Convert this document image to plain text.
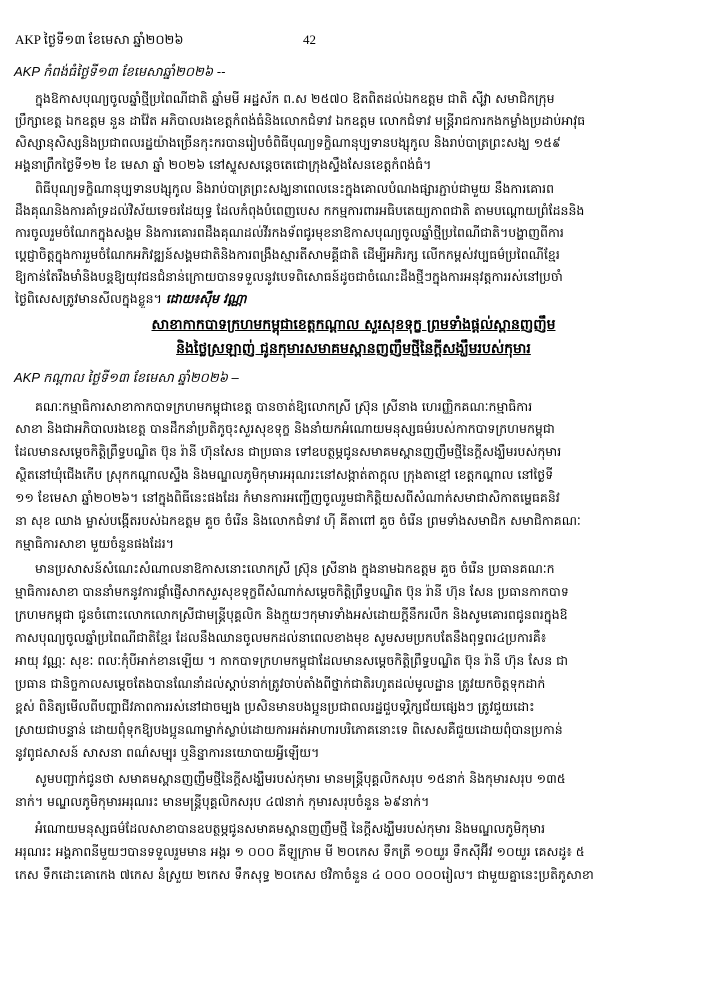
AKP ថ្ងៃទី១៣ ខែមេសា ឆ្នាំ២០២៦	42
AKP កំពង់ធំថ្ងៃទី១៣ ខែមេសាឆ្នាំ២០២៦ --
ក្នុងឱកាសបុណ្យចូលឆ្នាំថ្មីប្រពៃណីជាតិ ឆ្នាំមមី អដ្ឋស័ក ព.ស ២៥៧០ ឱតពិតដល់ឯកឧត្តម ជាតិ ស៊ីវ្លា សមាជិកក្រុម
ប្រឹក្សាខេត្ត ឯកឧត្តម នួន ដាវ៉ែត អភិបាលរងខេត្តកំពង់ធំនិងលោកជំទាវ ឯកឧត្តម លោកជំទាវ មន្រ្តីរាជការកងកម្លាំងប្រដាប់អាវុធ
សិស្សានុសិស្សនិងប្រជាពលរដ្ឋយ៉ាងច្រើនកុះករបានរៀបចំពិធីបុណ្យទក្ខិណានុប្បទានបង្សុកូល និងរាប់បាត្រព្រះសង្ឃ ១៥៩
អង្គនាព្រឹកថ្ងៃទី១២ ខែ មេសា ឆ្នាំ ២០២៦ នៅស្ទូសសន្តេចតេជោក្រុងស្ទឹងសែនខេត្តកំពង់ធំ។
ពិធីបុណ្យទក្ខិណានុប្បទានបង្សុកូល និងរាប់បាត្រព្រះសង្ឃនាពេលនេះក្នុងគោលបំណងផ្សារភ្ជាប់ជាមួយ នឹងការគោរព
ដឹងគុណនិងការគាំទ្រដល់វិស័យទេចរដែយុទ្ធ ដែលកំពុងបំពេញបេស កកម្មការពារអធិបតេយ្យភាពជាតិ តាមបណ្តោយព្រំដែននិង
ការចូលរួមចំណែកក្នុងសង្គម និងការគោរពដឹងគុណដល់វីរកងទ័ពជូរមុខនាឱកាសបុណ្យចូលឆ្នាំថ្មីប្រពៃណីជាតិ។បង្ហាញពីការ
ប្តេជ្ញាចិត្តក្នុងការរួមចំណែកអភិវឌ្ឍន៍សង្គមជាតិនិងការពង្រឹងស្មារតីសាមគ្គីជាតិ ដើម្បីអភិរក្ស លើកកម្ពស់វប្បធម៌ប្រពៃណីខ្មែរ
ឱ្យកាន់តែរឹងមាំនិងបន្តឱ្យយុវជនជំនាន់ក្រោយបានទទួលនូវបេទពិសោធន៍ដូចជាចំណេះដឹងថ្មីៗក្នុងការអនុវត្តការរស់នៅប្រចាំ
ថ្ងៃពិសេសត្រូវមានសីលក្នុងខ្លួន។ ដោយ៖ស៊ឹម វណ្ណា
សាខាកាកបាទក្រហមកម្ពុជាខេត្តកណ្តាល សួរសុខទុក្ខ ព្រមទាំងផ្តល់ស្ពានញញឹម
និងថ្លៃស្រឡាញ់ ជូនកុមារសមាគមស្ពានញញឹមថ្មីនៃក្តីសង្ឃឹមរបស់កុមារ
AKP កណ្តាល ថ្ងៃទី១៣ ខែមេសា ឆ្នាំ២០២៦ –
គណៈកម្មាធិការសាខាកាកបាទក្រហមកម្ពុជាខេត្ត បានចាត់ឱ្យលោកស្រី ស្រ៊ុន ស្រីនាង ហេរញ្ញិកគណៈកម្មាធិការ
សាខា និងជាអភិបាលរងខេត្ត បានដឹកនាំប្រតិភូចុះសួរសុខទុក្ខ និងនាំយកអំណោយមនុស្សធម៌របស់កាកបាទក្រហមកម្ពុជា
ដែលមានសម្តេចកិត្តិព្រឹទ្ធបណ្ឌិត ប៊ុន រ៉ានី ហ៊ុនសែន ជាប្រធាន ទៅឧបត្ថម្ភជូនសមាគមស្ពានញញឹមថ្មីនៃក្តីសង្ឃឹមរបស់កុមារ
ស្ថិតនៅឃុំជើងកើប ស្រុកកណ្តាលស្ទឹង និងមណ្ឌលភូមិកុមារអរុណរះនៅសង្កាត់តាក្តុល ក្រុងតាខ្មៅ ខេត្តកណ្តាល នៅថ្ងៃទី
១១ ខែមេសា ឆ្នាំ២០២៦។ នៅក្នុងពិធីនេះផងដែរ កំមានការអញ្ជើញចូលរួមជាកិត្តិយសពីសំណាក់សមាជាសិកាតម្ហេធគនិវ
នា សុខ ឈាង ម្ចាស់បង្កើតរបស់ឯកឧត្តម គួច ចំរើន និងលោកជំទាវ ហ៊ី គីតាពៅ គួច ចំរើន ព្រមទាំងសមាជិក សមាជិកាគណៈ
កម្មាធិការសាខា មួយចំនួនផងដែរ។
មានប្រសាសន៍សំណេះសំណាលនាឱកាសនោះលោកស្រី ស្រ៊ុន ស្រីនាង ក្នុងនាមឯកឧត្តម គួច ចំរើន ប្រធានគណៈក
ម្មាធិការសាខា បាននាំមកនូវការផ្តាំផ្ញើសាកសួរសុខទុក្ខពីសំណាក់សម្តេចកិត្តិព្រឹទ្ធបណ្ឌិត ប៊ុន រ៉ានី ហ៊ុន សែន ប្រធានកាកបាទ
ក្រហមកម្ពុជា ជូនចំពោះលោកលោកស្រីជាមន្រ្តីបុគ្គលិក និងក្មួយៗកុមារទាំងអស់ដោយក្តីនឹករលឹក និងសូមគោរពជូនពរក្នុងឱ
កាសបុណ្យចូលឆ្នាំប្រពៃណីជាតិខ្មែរ ដែលនឹងឈានចូលមកដល់នាពេលខាងមុខ សូមសមប្រកបតែនឹងពុទ្ធពរ៤ប្រការគឺ៖
អាយុ វណ្ណៈ សុខៈ ពលៈកុំបីអាក់ខានឡើយ ។ កាកបាទក្រហមកម្ពុជាដែលមានសម្តេចកិត្តិព្រឹទ្ធបណ្ឌិត ប៊ុន រ៉ានី ហ៊ុន សែន ជា
ប្រធាន ជានិច្ចកាលសម្តេចតែងបានណែនាំដល់ស្តាប់នាក់ត្រូវចាប់តាំងពីថ្នាក់ជាតិរហូតដល់មូលដ្ឋាន ត្រូវយកចិត្តទុកដាក់
ខ្ពស់ ពិនិត្យមើលពីបញ្ហាជីវភាពការរស់នៅជាចម្បង ប្រសិនមានបងប្អូនប្រជាពលរដ្ឋជួបទុរ្ភិក្សជ័យផ្សេងៗ ត្រូវជួយដោះ
ស្រាយជាបន្ទាន់ ដោយពុំទុកឱ្យបងប្អូនណាម្នាក់ស្លាប់ដោយការអត់អាហារបរិភោគនោះទេ ពិសេសគឺជួយដោយពុំបានប្រកាន់
នូវពូជសាសន៍ សាសនា ពណ៌សម្បុរ ឬនិន្នាការនយោបាយអ្វីឡើយ។
សូមបញ្ជាក់ជូនថា សមាគមស្ពានញញឹមថ្មីនៃក្តីសង្ឃឹមរបស់កុមារ មានមន្រ្តីបុគ្គលិកសរុប ១៥នាក់ និងកុមារសរុប ១៣៥
នាក់។ មណ្ឌលភូមិកុមារអរុណរះ មានមន្រ្តីបុគ្គលិកសរុប ៤៧នាក់ កុមារសរុបចំនួន ៦៩នាក់។
អំណោយមនុស្សធម៌ដែលសាខាបានឧបត្ថម្ភជូនសមាគមស្ពានញញឹមថ្មី នៃក្តីសង្ឃឹមរបស់កុមារ និងមណ្ឌលភូមិកុមារ
អរុណរះ អង្គភាពនីមួយៗបានទទួលរួមមាន អង្ករ ១ ០០០ គីឡូក្រាម មី ២០កេស ទឹកត្រី ១០យួរ ទឹកស៊ីអ៊ីវ ១០យួរ គេសដូ៖ ៥
កេស ទឹកដោះគោកេង ៧កេស នំស្រួយ ២កេស ទឹកសុទ្ធ ២០កេស ថវិកាចំនួន ៤ ០០០ ០០០រៀល។ ជាមួយគ្នានេះប្រតិភូសាខា
